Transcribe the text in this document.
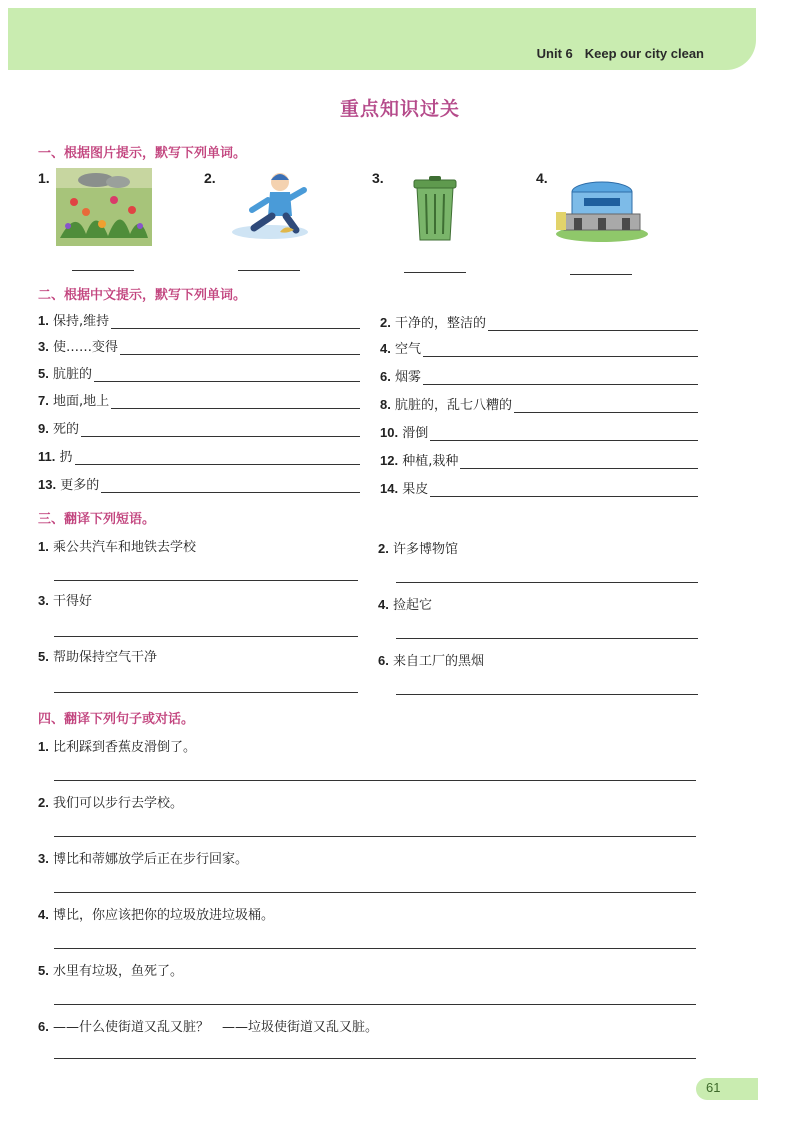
Unit 6 Keep our city clean
重点知识过关
一、根据图片提示，默写下列单词。
1.	2.	3.	4.
二、根据中文提示，默写下列单词。
1. 保持,维持	2. 干净的，整洁的
3. 使……变得	4. 空气
5. 肮脏的	6. 烟雾
7. 地面,地上	8. 肮脏的，乱七八糟的
9. 死的	10. 滑倒
11. 扔	12. 种植,栽种
13. 更多的	14. 果皮
三、翻译下列短语。
1. 乘公共汽车和地铁去学校	2. 许多博物馆
3. 干得好	4. 捡起它
5. 帮助保持空气干净	6. 来自工厂的黑烟
四、翻译下列句子或对话。
1. 比利踩到香蕉皮滑倒了。
2. 我们可以步行去学校。
3. 博比和蒂娜放学后正在步行回家。
4. 博比，你应该把你的垃圾放进垃圾桶。
5. 水里有垃圾，鱼死了。
6. ——什么使街道又乱又脏？　——垃圾使街道又乱又脏。
61
